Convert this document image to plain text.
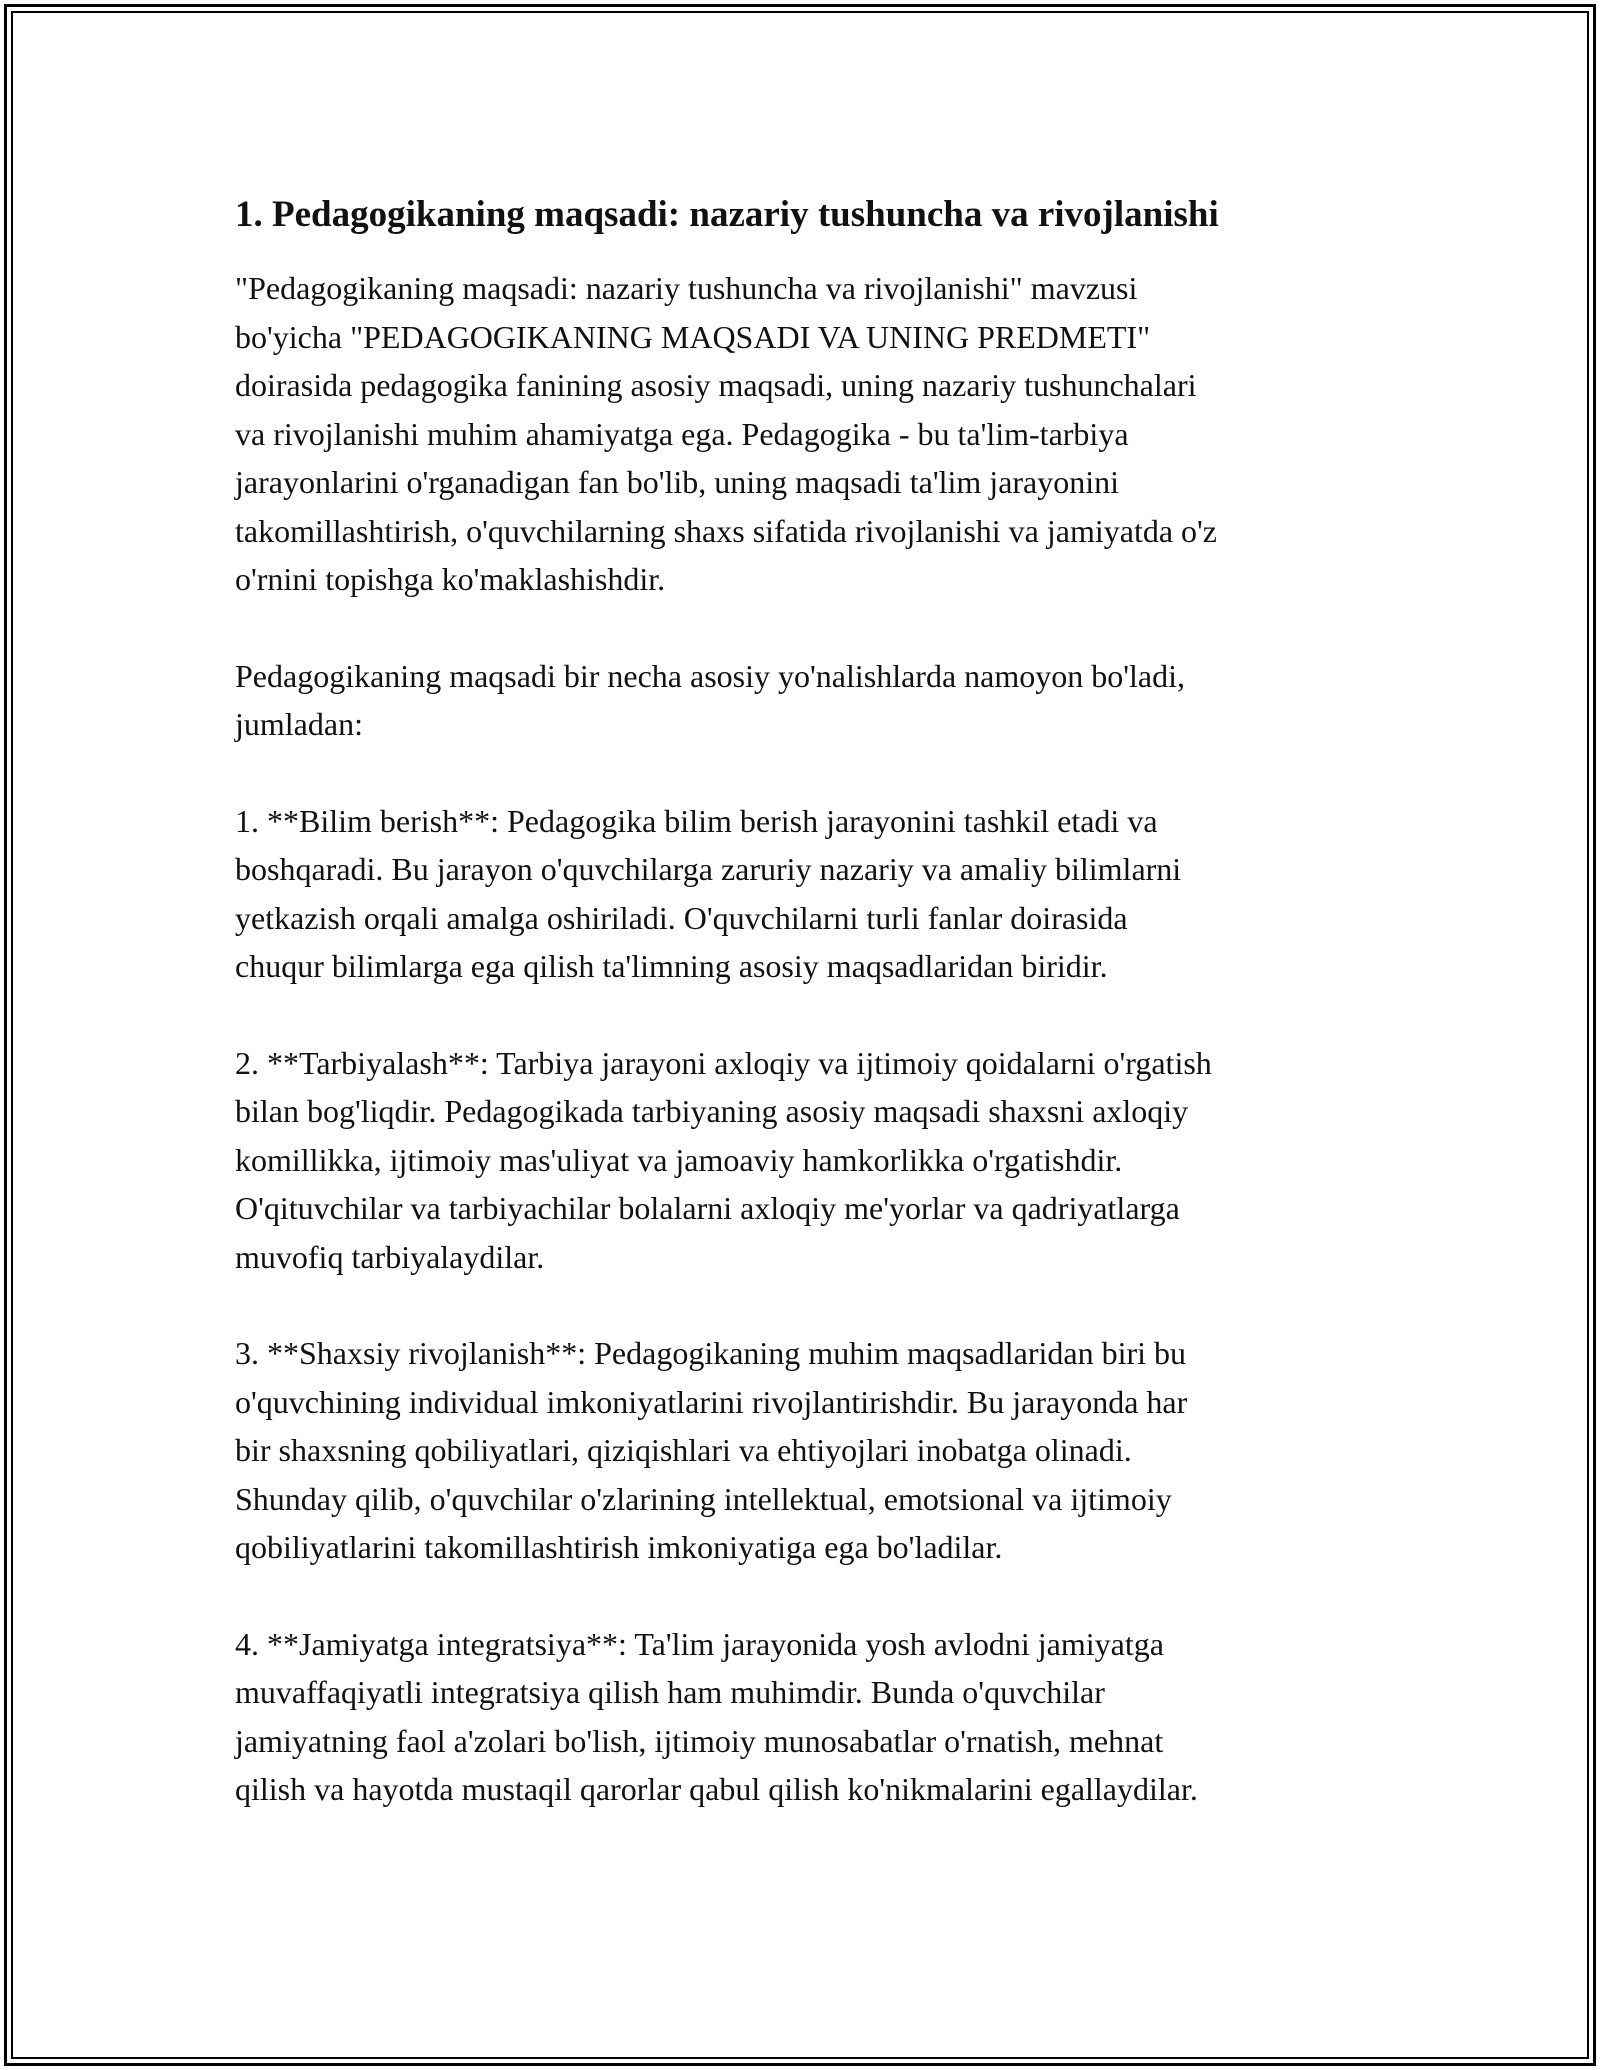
1. Pedagogikaning maqsadi: nazariy tushuncha va rivojlanishi

"Pedagogikaning maqsadi: nazariy tushuncha va rivojlanishi" mavzusi
bo'yicha "PEDAGOGIKANING MAQSADI VA UNING PREDMETI"
doirasida pedagogika fanining asosiy maqsadi, uning nazariy tushunchalari
va rivojlanishi muhim ahamiyatga ega. Pedagogika - bu ta'lim-tarbiya
jarayonlarini o'rganadigan fan bo'lib, uning maqsadi ta'lim jarayonini
takomillashtirish, o'quvchilarning shaxs sifatida rivojlanishi va jamiyatda o'z
o'rnini topishga ko'maklashishdir.

Pedagogikaning maqsadi bir necha asosiy yo'nalishlarda namoyon bo'ladi,
jumladan:

1. **Bilim berish**: Pedagogika bilim berish jarayonini tashkil etadi va
boshqaradi. Bu jarayon o'quvchilarga zaruriy nazariy va amaliy bilimlarni
yetkazish orqali amalga oshiriladi. O'quvchilarni turli fanlar doirasida
chuqur bilimlarga ega qilish ta'limning asosiy maqsadlaridan biridir.

2. **Tarbiyalash**: Tarbiya jarayoni axloqiy va ijtimoiy qoidalarni o'rgatish
bilan bog'liqdir. Pedagogikada tarbiyaning asosiy maqsadi shaxsni axloqiy
komillikka, ijtimoiy mas'uliyat va jamoaviy hamkorlikka o'rgatishdir.
O'qituvchilar va tarbiyachilar bolalarni axloqiy me'yorlar va qadriyatlarga
muvofiq tarbiyalaydilar.

3. **Shaxsiy rivojlanish**: Pedagogikaning muhim maqsadlaridan biri bu
o'quvchining individual imkoniyatlarini rivojlantirishdir. Bu jarayonda har
bir shaxsning qobiliyatlari, qiziqishlari va ehtiyojlari inobatga olinadi.
Shunday qilib, o'quvchilar o'zlarining intellektual, emotsional va ijtimoiy
qobiliyatlarini takomillashtirish imkoniyatiga ega bo'ladilar.

4. **Jamiyatga integratsiya**: Ta'lim jarayonida yosh avlodni jamiyatga
muvaffaqiyatli integratsiya qilish ham muhimdir. Bunda o'quvchilar
jamiyatning faol a'zolari bo'lish, ijtimoiy munosabatlar o'rnatish, mehnat
qilish va hayotda mustaqil qarorlar qabul qilish ko'nikmalarini egallaydilar.
